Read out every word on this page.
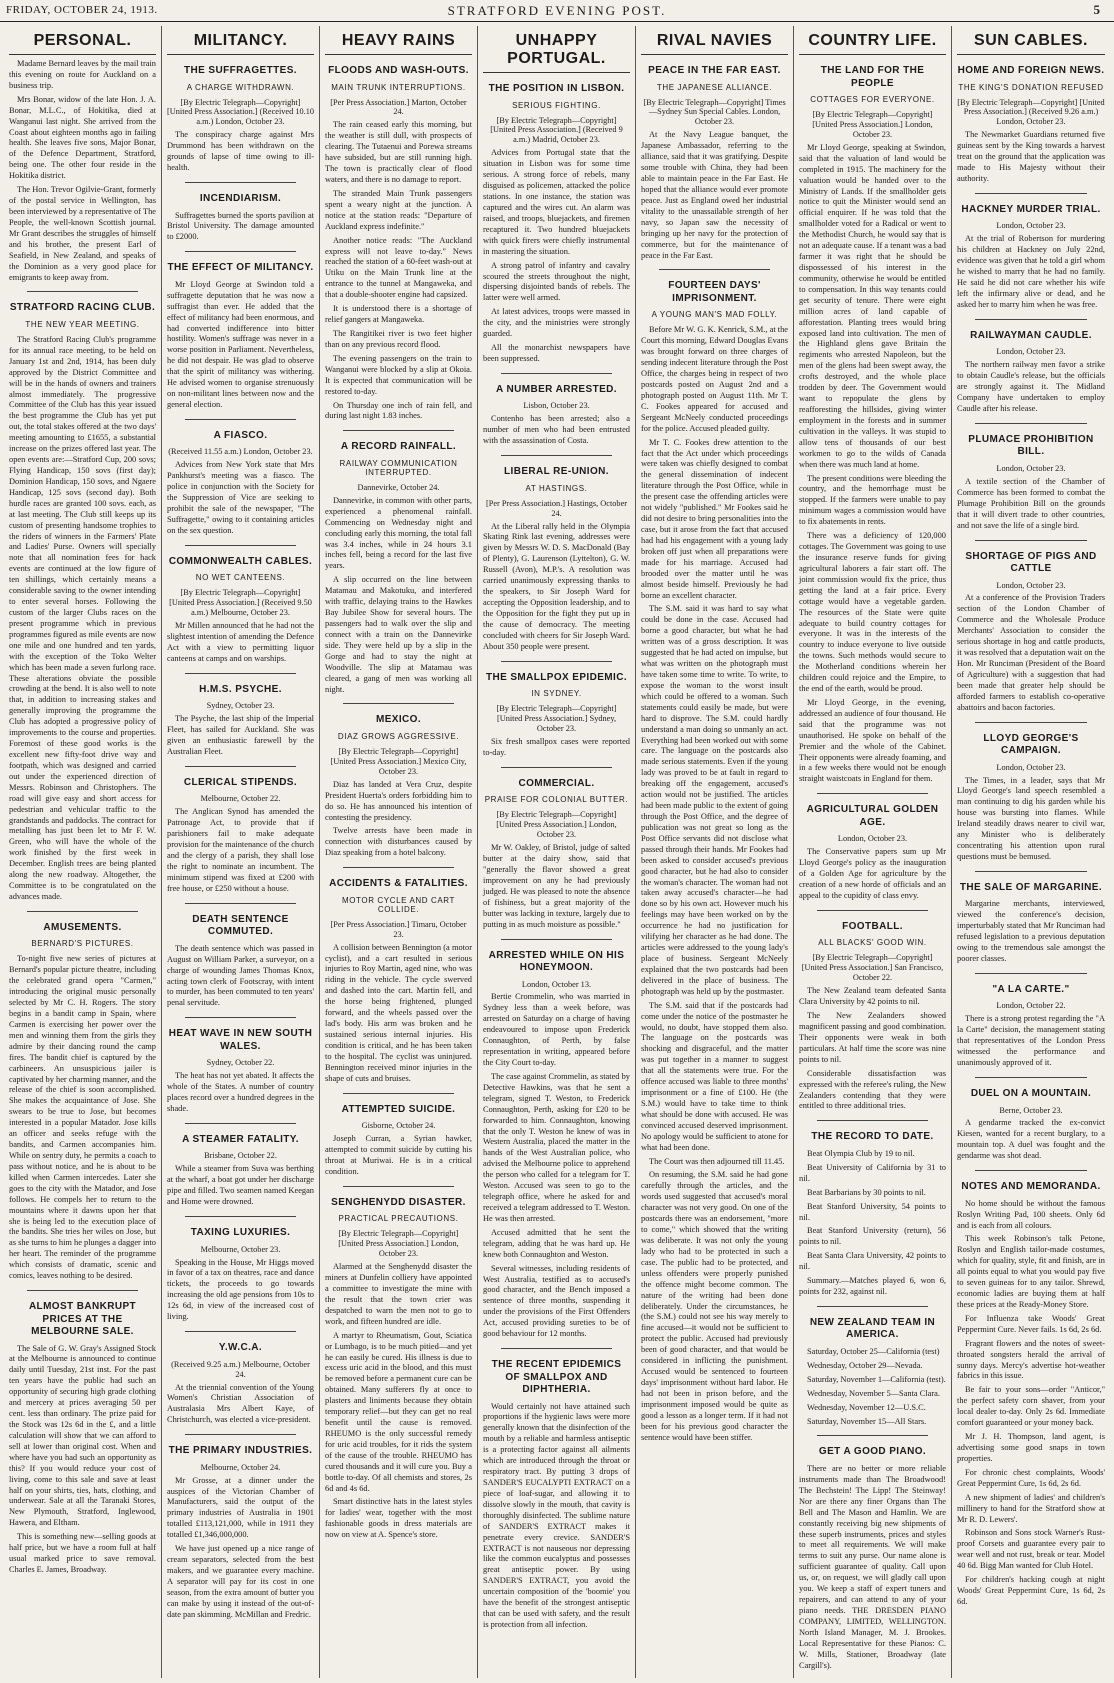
FRIDAY, OCTOBER 24, 1913.	STRATFORD EVENING POST.	5
PERSONAL.

Madame Bernard leaves by the mail train this evening on route for Auckland on a business trip.

Mrs Bonar, widow of the late Hon. J. A. Bonar, M.L.C., of Hokitika, died at Wanganui last night. She arrived from the Coast about eighteen months ago in failing health. She leaves five sons, Major Bonar, of the Defence Department, Stratford, being one. The other four reside in the Hokitika district.

The Hon. Trevor Ogilvie-Grant, formerly of the postal service in Wellington, has been interviewed by a representative of The People, the well-known Scottish journal. Mr Grant describes the struggles of himself and his brother, the present Earl of Seafield, in New Zealand, and speaks of the Dominion as a very good place for emigrants to keep away from.

STRATFORD RACING CLUB.
THE NEW YEAR MEETING.

The Stratford Racing Club's programme for its annual race meeting, to be held on January 1st and 2nd, 1914, has been duly approved by the District Committee and will be in the hands of owners and trainers almost immediately. The progressive Committee of the Club has this year issued the best programme the Club has yet put out, the total stakes offered at the two days' meeting amounting to £1655, a substantial increase on the prizes offered last year. The open events are:—Stratford Cup, 200 sovs; Flying Handicap, 150 sovs (first day); Dominion Handicap, 150 sovs, and Ngaere Handicap, 125 sovs (second day). Both hurdle races are granted 100 sovs. each, as at last meeting. The Club still keeps up its custom of presenting handsome trophies to the riders of winners in the Farmers' Plate and Ladies' Purse. Owners will specially note that all nomination fees for hack events are continued at the low figure of ten shillings, which certainly means a considerable saving to the owner intending to enter several horses. Following the custom of the larger Clubs races on the present programme which in previous programmes figured as mile events are now one mile and one hundred and ten yards, with the exception of the Toko Welter which has been made a seven furlong race. These alterations obviate the possible crowding at the bend. It is also well to note that, in addition to increasing stakes and generally improving the programme the Club has adopted a progressive policy of improvements to the course and properties. Foremost of these good works is the excellent new fifty-foot drive way and footpath, which was designed and carried out under the experienced direction of Messrs. Robinson and Christophers. The road will give easy and short access for pedestrian and vehicular traffic to the grandstands and paddocks. The contract for metalling has just been let to Mr F. W. Green, who will have the whole of the work finished by the first week in December. English trees are being planted along the new roadway. Altogether, the Committee is to be congratulated on the advances made.

AMUSEMENTS.
BERNARD'S PICTURES.

To-night five new series of pictures at Bernard's popular picture theatre, including the celebrated grand opera "Carmen," introducing the original music personally selected by Mr C. H. Rogers. The story begins in a bandit camp in Spain, where Carmen is exercising her power over the men and winning them from the girls they admire by their dancing round the camp fires. The bandit chief is captured by the carbineers. An unsuspicious jailer is captivated by her charming manner, and the release of the chief is soon accomplished. She makes the acquaintance of Jose. She swears to be true to Jose, but becomes interested in a popular Matador. Jose kills an officer and seeks refuge with the bandits, and Carmen accompanies him. While on sentry duty, he permits a coach to pass without notice, and he is about to be killed when Carmen intercedes. Later she goes to the city with the Matador, and Jose follows. He compels her to return to the mountains where it dawns upon her that she is being led to the execution place of the bandits. She tries her wiles on Jose, but as she turns to him he plunges a dagger into her heart. The reminder of the programme which consists of dramatic, scenic and comics, leaves nothing to be desired.

ALMOST BANKRUPT PRICES AT THE MELBOURNE SALE.

The Sale of G. W. Gray's Assigned Stock at the Melbourne is announced to continue daily until Tuesday, 21st inst. For the past ten years have the public had such an opportunity of securing high grade clothing and mercery at prices averaging 50 per cent. less than ordinary. The prize paid for the Stock was 12s 6d in the £, and a little calculation will show that we can afford to sell at lower than original cost. When and where have you had such an opportunity as this? If you would reduce your cost of living, come to this sale and save at least half on your shirts, ties, hats, clothing, and underwear. Sale at all the Taranaki Stores, New Plymouth, Stratford, Inglewood, Hawera, and Eltham.

This is something new—selling goods at half price, but we have a room full at half usual marked price to save removal. Charles E. James, Broadway.

MILITANCY.
THE SUFFRAGETTES.
A CHARGE WITHDRAWN.
[By Electric Telegraph—Copyright] [United Press Association.] (Received 10.10 a.m.) London, October 23.

The conspiracy charge against Mrs Drummond has been withdrawn on the grounds of lapse of time owing to ill-health.

INCENDIARISM.

Suffragettes burned the sports pavilion at Bristol University. The damage amounted to £2000.

THE EFFECT OF MILITANCY.

Mr Lloyd George at Swindon told a suffragette deputation that he was now a suffragist than ever. He added that the effect of militancy had been enormous, and had converted indifference into bitter hostility. Women's suffrage was never in a worse position in Parliament. Nevertheless, he did not despair. He was glad to observe that the spirit of militancy was withering. He advised women to organise strenuously on non-militant lines between now and the general election.

A FIASCO.
(Received 11.55 a.m.) London, October 23.

Advices from New York state that Mrs Pankhurst's meeting was a fiasco. The police in conjunction with the Society for the Suppression of Vice are seeking to prohibit the sale of the newspaper, "The Suffragette," owing to it containing articles on the sex question.

COMMONWEALTH CABLES.
NO WET CANTEENS.
[By Electric Telegraph—Copyright] [United Press Association.] (Received 9.50 a.m.) Melbourne, October 23.

Mr Millen announced that he had not the slightest intention of amending the Defence Act with a view to permitting liquor canteens at camps and on warships.

H.M.S. PSYCHE.
Sydney, October 23.

The Psyche, the last ship of the Imperial Fleet, has sailed for Auckland. She was given an enthusiastic farewell by the Australian Fleet.

CLERICAL STIPENDS.
Melbourne, October 22.

The Anglican Synod has amended the Patronage Act, to provide that if parishioners fail to make adequate provision for the maintenance of the church and the clergy of a parish, they shall lose the right to nominate an incumbent. The minimum stipend was fixed at £200 with free house, or £250 without a house.

DEATH SENTENCE COMMUTED.

The death sentence which was passed in August on William Parker, a surveyor, on a charge of wounding James Thomas Knox, acting town clerk of Footscray, with intent to murder, has been commuted to ten years' penal servitude.

HEAT WAVE IN NEW SOUTH WALES.
Sydney, October 22.

The heat has not yet abated. It affects the whole of the States. A number of country places record over a hundred degrees in the shade.

A STEAMER FATALITY.
Brisbane, October 22.

While a steamer from Suva was berthing at the wharf, a boat got under her discharge pipe and filled. Two seamen named Keegan and Home were drowned.

TAXING LUXURIES.
Melbourne, October 23.

Speaking in the House, Mr Higgs moved in favor of a tax on theatres, race and dance tickets, the proceeds to go towards increasing the old age pensions from 10s to 12s 6d, in view of the increased cost of living.

Y.W.C.A.
(Received 9.25 a.m.) Melbourne, October 24.

At the triennial convention of the Young Women's Christian Association of Australasia Mrs Albert Kaye, of Christchurch, was elected a vice-president.

THE PRIMARY INDUSTRIES.
Melbourne, October 24.

Mr Grosse, at a dinner under the auspices of the Victorian Chamber of Manufacturers, said the output of the primary industries of Australia in 1901 totalled £113,121,000, while in 1911 they totalled £1,346,000,000.

We have just opened up a nice range of cream separators, selected from the best makers, and we guarantee every machine. A separator will pay for its cost in one season, from the extra amount of butter you can make by using it instead of the out-of-date pan skimming. McMillan and Fredric.

HEAVY RAINS
FLOODS AND WASH-OUTS.
MAIN TRUNK INTERRUPTIONS.
[Per Press Association.] Marton, October 24.

The rain ceased early this morning, but the weather is still dull, with prospects of clearing. The Tutaenui and Porewa streams have subsided, but are still running high. The town is practically clear of flood waters, and there is no damage to report.

The stranded Main Trunk passengers spent a weary night at the junction. A notice at the station reads: "Departure of Auckland express indefinite."

Another notice reads: "The Auckland express will not leave to-day." News reached the station of a 60-feet wash-out at Utiku on the Main Trunk line at the entrance to the tunnel at Mangaweka, and that a double-shooter engine had capsized.

It is understood there is a shortage of relief gangers at Mangaweka.

The Rangitikei river is two feet higher than on any previous record flood.

The evening passengers on the train to Wanganui were blocked by a slip at Okoia. It is expected that communication will be restored to-day.

On Thursday one inch of rain fell, and during last night 1.83 inches.

A RECORD RAINFALL.
RAILWAY COMMUNICATION INTERRUPTED.
Dannevirke, October 24.

Dannevirke, in common with other parts, experienced a phenomenal rainfall. Commencing on Wednesday night and concluding early this morning, the total fall was 3.4 inches, while in 24 hours 3.1 inches fell, being a record for the last five years.

A slip occurred on the line between Matamau and Makotuku, and interfered with traffic, delaying trains to the Hawkes Bay Jubilee Show for several hours. The passengers had to walk over the slip and connect with a train on the Dannevirke side. They were held up by a slip in the Gorge and had to stay the night at Woodville. The slip at Matamau was cleared, a gang of men was working all night.

MEXICO.
DIAZ GROWS AGGRESSIVE.
[By Electric Telegraph—Copyright] [United Press Association.] Mexico City, October 23.

Diaz has landed at Vera Cruz, despite President Huerta's orders forbidding him to do so. He has announced his intention of contesting the presidency.

Twelve arrests have been made in connection with disturbances caused by Diaz speaking from a hotel balcony.

ACCIDENTS & FATALITIES.
MOTOR CYCLE AND CART COLLIDE.
[Per Press Association.] Timaru, October 23.

A collision between Bennington (a motor cyclist), and a cart resulted in serious injuries to Roy Martin, aged nine, who was riding in the vehicle. The cycle swerved and dashed into the cart. Martin fell, and the horse being frightened, plunged forward, and the wheels passed over the lad's body. His arm was broken and he sustained serious internal injuries. His condition is critical, and he has been taken to the hospital. The cyclist was uninjured. Bennington received minor injuries in the shape of cuts and bruises.

ATTEMPTED SUICIDE.
Gisborne, October 24.

Joseph Curran, a Syrian hawker, attempted to commit suicide by cutting his throat at Muriwai. He is in a critical condition.

SENGHENYDD DISASTER.
PRACTICAL PRECAUTIONS.
[By Electric Telegraph—Copyright] [United Press Association.] London, October 23.

Alarmed at the Senghenydd disaster the miners at Dunfelin colliery have appointed a committee to investigate the mine with the result that the town crier was despatched to warn the men not to go to work, and fifteen hundred are idle.

A martyr to Rheumatism, Gout, Sciatica or Lumbago, is to be much pitied—and yet he can easily be cured. His illness is due to excess uric acid in the blood, and this must be removed before a permanent cure can be obtained. Many sufferers fly at once to plasters and liniments because they obtain temporary relief—but they can get no real benefit until the cause is removed. RHEUMO is the only successful remedy for uric acid troubles, for it rids the system of the cause of the trouble. RHEUMO has cured thousands and it will cure you. Buy a bottle to-day. Of all chemists and stores, 2s 6d and 4s 6d.

Smart distinctive hats in the latest styles for ladies' wear, together with the most fashionable goods in dress materials are now on view at A. Spence's store.

UNHAPPY PORTUGAL.
THE POSITION IN LISBON.
SERIOUS FIGHTING.
[By Electric Telegraph—Copyright] [United Press Association.] (Received 9 a.m.) Madrid, October 23.

Advices from Portugal state that the situation in Lisbon was for some time serious. A strong force of rebels, many disguised as policemen, attacked the police stations. In one instance, the station was captured and the wires cut. An alarm was raised, and troops, bluejackets, and firemen recaptured it. Two hundred bluejackets with quick firers were chiefly instrumental in mastering the situation.

A strong patrol of infantry and cavalry scoured the streets throughout the night, dispersing disjointed bands of rebels. The latter were well armed.

At latest advices, troops were massed in the city, and the ministries were strongly guarded.

All the monarchist newspapers have been suppressed.

A NUMBER ARRESTED.
Lisbon, October 23.

Contenho has been arrested; also a number of men who had been entrusted with the assassination of Costa.

LIBERAL RE-UNION.
AT HASTINGS.
[Per Press Association.] Hastings, October 24.

At the Liberal rally held in the Olympia Skating Rink last evening, addresses were given by Messrs W. D. S. MacDonald (Bay of Plenty), G. Laurenson (Lyttelton), G. W. Russell (Avon), M.P.'s. A resolution was carried unanimously expressing thanks to the speakers, to Sir Joseph Ward for accepting the Opposition leadership, and to the Opposition for the fight they put up in the cause of democracy. The meeting concluded with cheers for Sir Joseph Ward. About 350 people were present.

THE SMALLPOX EPIDEMIC.
IN SYDNEY.
[By Electric Telegraph—Copyright] [United Press Association.] Sydney, October 23.

Six fresh smallpox cases were reported to-day.

COMMERCIAL.
PRAISE FOR COLONIAL BUTTER.
[By Electric Telegraph—Copyright] [United Press Association.] London, October 23.

Mr W. Oakley, of Bristol, judge of salted butter at the dairy show, said that "generally the flavor showed a great improvement on any he had previously judged. He was pleased to note the absence of fishiness, but a great majority of the butter was lacking in texture, largely due to putting in as much moisture as possible."

ARRESTED WHILE ON HIS HONEYMOON.
London, October 13.

Bertie Crommelin, who was married in Sydney less than a week before, was arrested on Saturday on a charge of having endeavoured to impose upon Frederick Connaughton, of Perth, by false representation in writing, appeared before the City Court to-day.

The case against Crommelin, as stated by Detective Hawkins, was that he sent a telegram, signed T. Weston, to Frederick Connaughton, Perth, asking for £20 to be forwarded to him. Connaughton, knowing that the only T. Weston he knew of was in Western Australia, placed the matter in the hands of the West Australian police, who advised the Melbourne police to apprehend the person who called for a telegram for T. Weston. Accused was seen to go to the telegraph office, where he asked for and received a telegram addressed to T. Weston. He was then arrested.

Accused admitted that he sent the telegram, adding that he was hard up. He knew both Connaughton and Weston.

Several witnesses, including residents of West Australia, testified as to accused's good character, and the Bench imposed a sentence of three months, suspending it under the provisions of the First Offenders Act, accused providing sureties to be of good behaviour for 12 months.

THE RECENT EPIDEMICS OF SMALLPOX AND DIPHTHERIA.

Would certainly not have attained such proportions if the hygienic laws were more generally known that the disinfection of the mouth by a reliable and harmless antiseptic is a protecting factor against all ailments which are introduced through the throat or respiratory tract. By putting 3 drops of SANDER'S EUCALYPTI EXTRACT on a piece of loaf-sugar, and allowing it to dissolve slowly in the mouth, that cavity is thoroughly disinfected. The sublime nature of SANDER'S EXTRACT makes it penetrate every crevice. SANDER'S EXTRACT is not nauseous nor depressing like the common eucalyptus and possesses great antiseptic power. By using SANDER'S EXTRACT, you avoid the uncertain composition of the 'boomie' you have the benefit of the strongest antiseptic that can be used with safety, and the result is protection from all infection.

RIVAL NAVIES
PEACE IN THE FAR EAST.
THE JAPANESE ALLIANCE.
[By Electric Telegraph—Copyright] Times—Sydney Sun Special Cables. London, October 23.

At the Navy League banquet, the Japanese Ambassador, referring to the alliance, said that it was gratifying. Despite some trouble with China, they had been able to maintain peace in the Far East. He hoped that the alliance would ever promote peace. Just as England owed her industrial vitality to the unassailable strength of her navy, so Japan saw the necessity of bringing up her navy for the protection of commerce, but for the maintenance of peace in the Far East.

FOURTEEN DAYS' IMPRISONMENT.
A YOUNG MAN'S MAD FOLLY.

Before Mr W. G. K. Kenrick, S.M., at the Court this morning, Edward Douglas Evans was brought forward on three charges of sending indecent literature through the Post Office, the charges being in respect of two postcards posted on August 2nd and a photograph posted on August 11th. Mr T. C. Fookes appeared for accused and Sergeant McNeely conducted proceedings for the police. Accused pleaded guilty.

Mr T. C. Fookes drew attention to the fact that the Act under which proceedings were taken was chiefly designed to combat the general dissemination of indecent literature through the Post Office, while in the present case the offending articles were not widely "published." Mr Fookes said he did not desire to bring personalities into the case, but it arose from the fact that accused had had his engagement with a young lady broken off just when all preparations were made for his marriage. Accused had brooded over the matter until he was almost beside himself. Previously he had borne an excellent character.

The S.M. said it was hard to say what could be done in the case. Accused had borne a good character, but what he had written was of a gross description. It was suggested that he had acted on impulse, but what was written on the photograph must have taken some time to write. To write, to expose the woman to the worst insult which could be offered to a woman. Such statements could easily be made, but were hard to disprove. The S.M. could hardly understand a man doing so unmanly an act. Everything had been worked out with some care. The language on the postcards also made serious statements. Even if the young lady was proved to be at fault in regard to breaking off the engagement, accused's action would not be justified. The articles had been made public to the extent of going through the Post Office, and the degree of publication was not great so long as the Post Office servants did not disclose what passed through their hands. Mr Fookes had been asked to consider accused's previous good character, but he had also to consider the woman's character. The woman had not taken away accused's character—he had done so by his own act. However much his feelings may have been worked on by the occurrence he had no justification for vilifying her character as he had done. The articles were addressed to the young lady's place of business. Sergeant McNeely explained that the two postcards had been delivered in the place of business. The photograph was held up by the postmaster.

The S.M. said that if the postcards had come under the notice of the postmaster he would, no doubt, have stopped them also. The language on the postcards was shocking and disgraceful, and the matter was put together in a manner to suggest that all the statements were true. For the offence accused was liable to three months' imprisonment or a fine of £100. He (the S.M.) would have to take time to think what should be done with accused. He was convinced accused deserved imprisonment. No apology would be sufficient to atone for what had been done.

The Court was then adjourned till 11.45.

On resuming, the S.M. said he had gone carefully through the articles, and the words used suggested that accused's moral character was not very good. On one of the postcards there was an endorsement, "more to come," which showed that the writing was deliberate. It was not only the young lady who had to be protected in such a case. The public had to be protected, and unless offenders were properly punished the offence might become common. The nature of the writing had been done deliberately. Under the circumstances, he (the S.M.) could not see his way merely to fine accused—it would not be sufficient to protect the public. Accused had previously been of good character, and that would be considered in inflicting the punishment. Accused would be sentenced to fourteen days' imprisonment without hard labor. He had not been in prison before, and the imprisonment imposed would be quite as good a lesson as a longer term. If it had not been for his previous good character the sentence would have been stiffer.

COUNTRY LIFE.
THE LAND FOR THE PEOPLE
COTTAGES FOR EVERYONE.
[By Electric Telegraph—Copyright] [United Press Association.] London, October 23.

Mr Lloyd George, speaking at Swindon, said that the valuation of land would be completed in 1915. The machinery for the valuation would be handed over to the Ministry of Lands. If the smallholder gets notice to quit the Minister would send an official enquirer. If he was told that the smallholder voted for a Radical or went to the Methodist Church, he would say that is not an adequate cause. If a tenant was a bad farmer it was right that he should be dispossessed of his interest in the community, otherwise he would be entitled to compensation. In this way tenants could get security of tenure. There were eight million acres of land capable of afforestation. Planting trees would bring exposed land into cultivation. The men of the Highland glens gave Britain the regiments who arrested Napoleon, but the men of the glens had been swept away, the crofts destroyed, and the whole place trodden by deer. The Government would want to repopulate the glens by reafforesting the hillsides, giving winter employment in the forests and in summer cultivation in the valleys. It was stupid to allow tens of thousands of our best workmen to go to the wilds of Canada when there was much land at home.

The present conditions were bleeding the country, and the hemorrhage must be stopped. If the farmers were unable to pay minimum wages a commission would have to fix abatements in rents.

There was a deficiency of 120,000 cottages. The Government was going to use the insurance reserve funds for giving agricultural laborers a fair start off. The joint commission would fix the price, thus getting the land at a fair price. Every cottage would have a vegetable garden. The resources of the State were quite adequate to build country cottages for everyone. It was in the interests of the country to induce everyone to live outside the towns. Such methods would secure to the Motherland conditions wherein her children could rejoice and the Empire, to the end of the earth, would be proud.

Mr Lloyd George, in the evening, addressed an audience of four thousand. He said that the programme was not unauthorised. He spoke on behalf of the Premier and the whole of the Cabinet. Their opponents were already foaming, and in a few weeks there would not be enough straight waistcoats in England for them.

AGRICULTURAL GOLDEN AGE.
London, October 23.

The Conservative papers sum up Mr Lloyd George's policy as the inauguration of a Golden Age for agriculture by the creation of a new horde of officials and an appeal to the cupidity of class envy.

FOOTBALL.
ALL BLACKS' GOOD WIN.
[By Electric Telegraph—Copyright] [United Press Association.] San Francisco, October 22.

The New Zealand team defeated Santa Clara University by 42 points to nil.

The New Zealanders showed magnificent passing and good combination. Their opponents were weak in both particulars. At half time the score was nine points to nil.

Considerable dissatisfaction was expressed with the referee's ruling, the New Zealanders contending that they were entitled to three additional tries.

THE RECORD TO DATE.

Beat Olympia Club by 19 to nil.

Beat University of California by 31 to nil.

Beat Barbarians by 30 points to nil.

Beat Stanford University, 54 points to nil.

Beat Stanford University (return), 56 points to nil.

Beat Santa Clara University, 42 points to nil.

Summary.—Matches played 6, won 6, points for 232, against nil.

NEW ZEALAND TEAM IN AMERICA.

Saturday, October 25—California (test)

Wednesday, October 29—Nevada.

Saturday, November 1—California (test).

Wednesday, November 5—Santa Clara.

Wednesday, November 12—U.S.C.

Saturday, November 15—All Stars.

GET A GOOD PIANO.

There are no better or more reliable instruments made than The Broadwood! The Bechstein! The Lipp! The Steinway! Nor are there any finer Organs than The Bell and The Mason and Hamlin. We are constantly receiving big new shipments of these superb instruments, prices and styles to meet all requirements. We will make terms to suit any purse. Our name alone is sufficient guarantee of quality. Call upon us, or, on request, we will gladly call upon you. We keep a staff of expert tuners and repairers, and can attend to any of your piano needs. THE DRESDEN PIANO COMPANY, LIMITED, WELLINGTON. North Island Manager, M. J. Brookes. Local Representative for these Pianos: C. W. Mills, Stationer, Broadway (late Cargill's).

SUN CABLES.
HOME AND FOREIGN NEWS.
THE KING'S DONATION REFUSED
[By Electric Telegraph—Copyright] [United Press Association.] (Received 9.26 a.m.) London, October 23.

The Newmarket Guardians returned five guineas sent by the King towards a harvest treat on the ground that the application was made to His Majesty without their authority.

HACKNEY MURDER TRIAL.
London, October 23.

At the trial of Robertson for murdering his children at Hackney on July 22nd, evidence was given that he told a girl whom he wished to marry that he had no family. He said he did not care whether his wife left the infirmary alive or dead, and he asked her to marry him when he was free.

RAILWAYMAN CAUDLE.
London, October 23.

The northern railway men favor a strike to obtain Caudle's release, but the officials are strongly against it. The Midland Company have undertaken to employ Caudle after his release.

PLUMACE PROHIBITION BILL.
London, October 23.

A textile section of the Chamber of Commerce has been formed to combat the Plumage Prohibition Bill on the grounds that it will divert trade to other countries, and not save the life of a single bird.

SHORTAGE OF PIGS AND CATTLE
London, October 23.

At a conference of the Provision Traders section of the London Chamber of Commerce and the Wholesale Produce Merchants' Association to consider the serious shortage in hog and cattle products, it was resolved that a deputation wait on the Hon. Mr Runciman (President of the Board of Agriculture) with a suggestion that had been made that greater help should be afforded farmers to establish co-operative abattoirs and bacon factories.

LLOYD GEORGE'S CAMPAIGN.
London, October 23.

The Times, in a leader, says that Mr Lloyd George's land speech resembled a man continuing to dig his garden while his house was bursting into flames. While Ireland steadily draws nearer to civil war, any Minister who is deliberately concentrating his attention upon rural questions must be bemused.

THE SALE OF MARGARINE.

Margarine merchants, interviewed, viewed the conference's decision, imperturbably stated that Mr Runciman had refused legislation to a previous deputation owing to the tremendous sale amongst the poorer classes.

"A LA CARTE."
London, October 22.

There is a strong protest regarding the "A la Carte" decision, the management stating that representatives of the London Press witnessed the performance and unanimously approved of it.

DUEL ON A MOUNTAIN.
Berne, October 23.

A gendarme tracked the ex-convict Kiesen, wanted for a recent burglary, to a mountain top. A duel was fought and the gendarme was shot dead.

NOTES AND MEMORANDA.

No home should be without the famous Roslyn Writing Pad, 100 sheets. Only 6d and is each from all colours.

This week Robinson's talk Petone, Roslyn and English tailor-made costumes, which for quality, style, fit and finish, are in all points equal to what you would pay five to seven guineas for to any tailor. Shrewd, economic ladies are buying them at half these prices at the Ready-Money Store.

For Influenza take Woods' Great Peppermint Cure. Never fails. 1s 6d, 2s 6d.

Fragrant flowers and the notes of sweet-throated songsters herald the arrival of sunny days. Mercy's advertise hot-weather fabrics in this issue.

Be fair to your sons—order "Anticor," the perfect safety corn shaver, from your local dealer to-day. Only 2s 6d. Immediate comfort guaranteed or your money back.

Mr J. H. Thompson, land agent, is advertising some good snaps in town properties.

For chronic chest complaints, Woods' Great Peppermint Cure, 1s 6d, 2s 6d.

A new shipment of ladies' and children's millinery to hand for the Stratford show at Mr R. D. Lewers'.

Robinson and Sons stock Warner's Rust-proof Corsets and guarantee every pair to wear well and not rust, break or tear. Model 40 6d. Bigg Man wanted for Club Hotel.

For children's hacking cough at night Woods' Great Peppermint Cure, 1s 6d, 2s 6d.
